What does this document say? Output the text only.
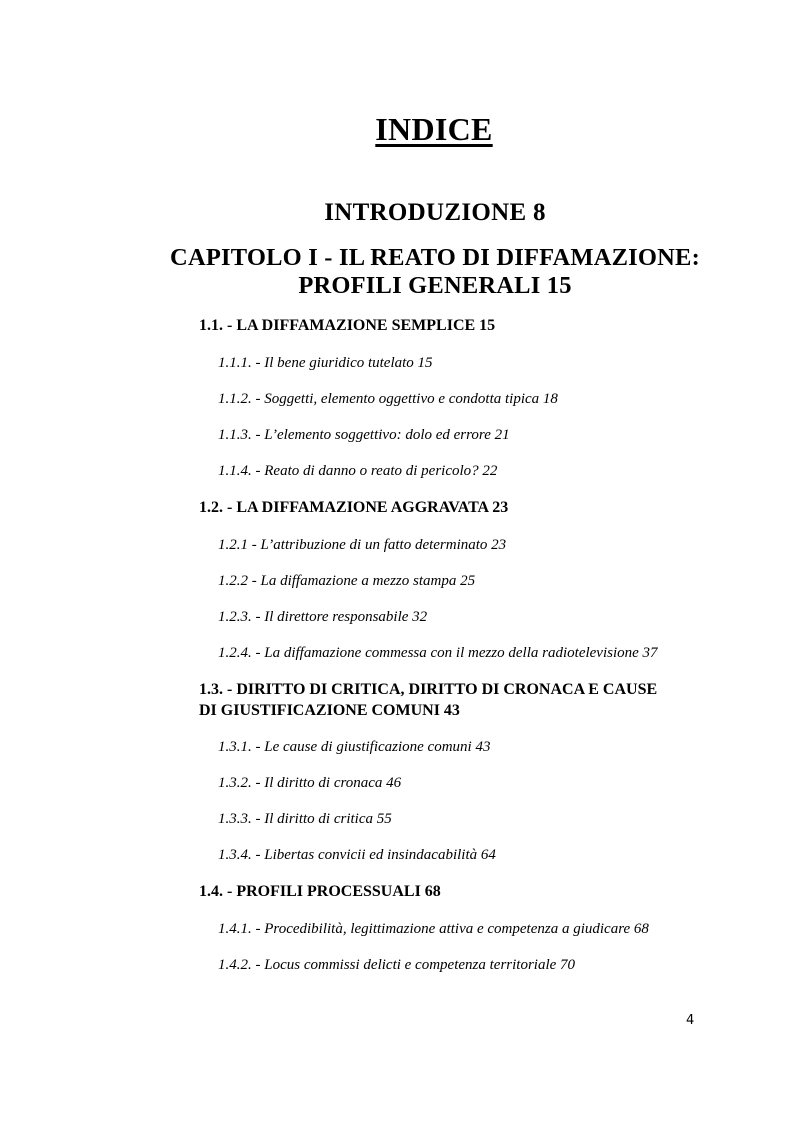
INDICE
INTRODUZIONE 8
CAPITOLO I - IL REATO DI DIFFAMAZIONE:
PROFILI GENERALI 15
1.1. - LA DIFFAMAZIONE SEMPLICE 15
1.1.1. - Il bene giuridico tutelato 15
1.1.2. - Soggetti, elemento oggettivo e condotta tipica 18
1.1.3. - L’elemento soggettivo: dolo ed errore 21
1.1.4. - Reato di danno o reato di pericolo? 22
1.2. - LA DIFFAMAZIONE AGGRAVATA 23
1.2.1 - L’attribuzione di un fatto determinato 23
1.2.2 - La diffamazione a mezzo stampa 25
1.2.3. - Il direttore responsabile 32
1.2.4. - La diffamazione commessa con il mezzo della radiotelevisione 37
1.3. - DIRITTO DI CRITICA, DIRITTO DI CRONACA E CAUSE
DI GIUSTIFICAZIONE COMUNI 43
1.3.1. - Le cause di giustificazione comuni 43
1.3.2. - Il diritto di cronaca 46
1.3.3. - Il diritto di critica 55
1.3.4. - Libertas convicii ed insindacabilità 64
1.4. - PROFILI PROCESSUALI 68
1.4.1. - Procedibilità, legittimazione attiva e competenza a giudicare 68
1.4.2. - Locus commissi delicti e competenza territoriale 70
4
